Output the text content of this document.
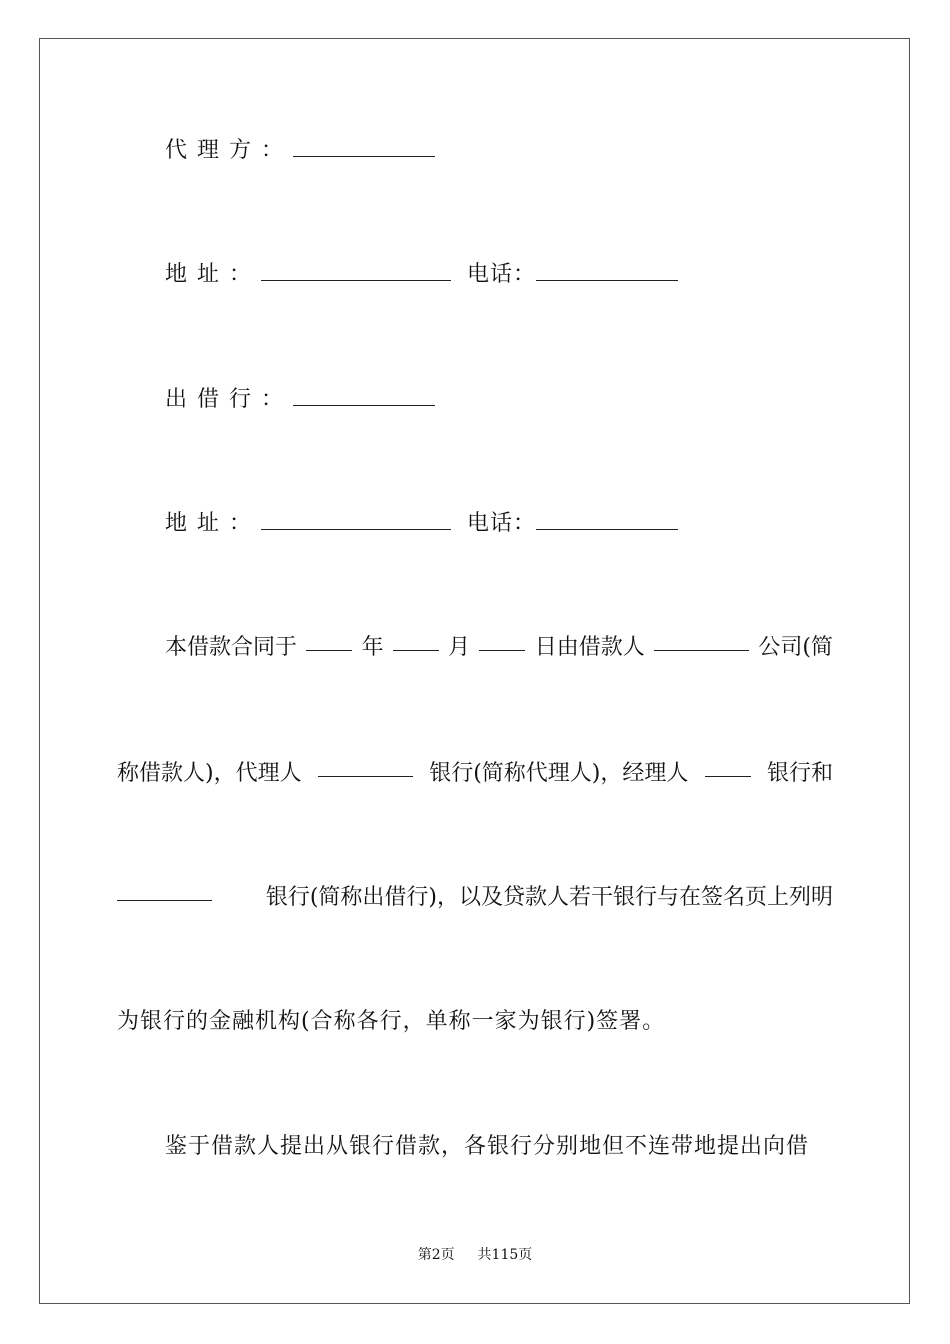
代理方：
地址：	电话：
出借行：
地址：	电话：
本借款合同于	年	月	日由借款人	公司(简
称借款人)，代理人	银行(简称代理人)，经理人	银行和
银行(简称出借行)，以及贷款人若干银行与在签名页上列明
为银行的金融机构(合称各行，单称一家为银行)签署。
鉴于借款人提出从银行借款，各银行分别地但不连带地提出向借
第2页 共115页
